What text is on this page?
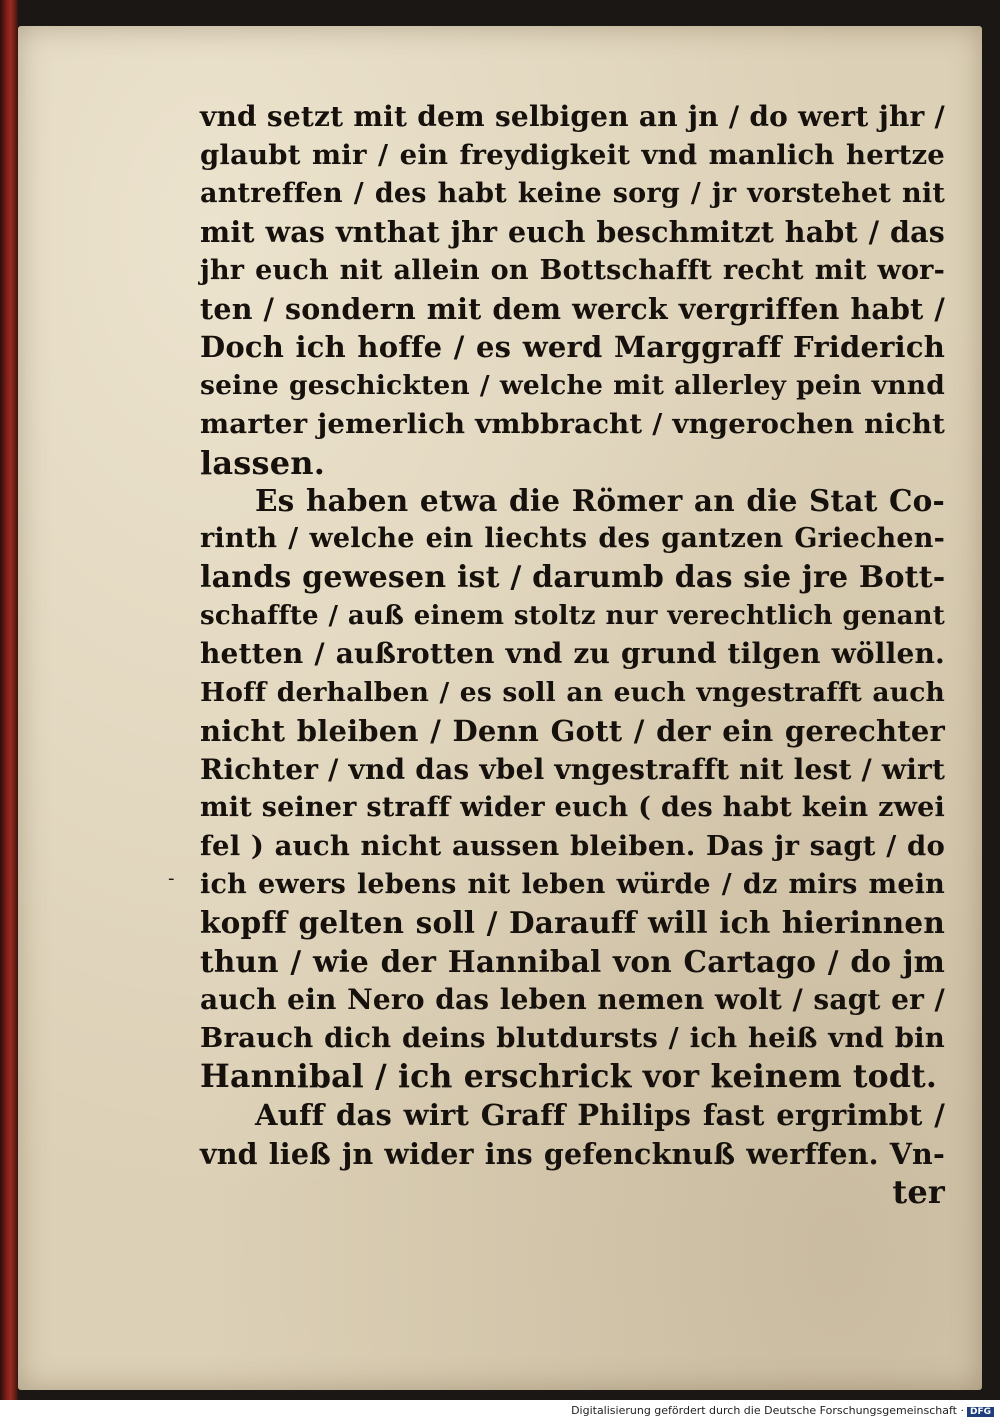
vnd setzt mit dem selbigen an jn / do wert jhr /
glaubt mir / ein freydigkeit vnd manlich hertze
antreffen / des habt keine sorg / jr vorstehet nit
mit was vnthat jhr euch beschmitzt habt / das
jhr euch nit allein on Bottschafft recht mit wor-
ten / sondern mit dem werck vergriffen habt /
Doch ich hoffe / es werd Marggraff Friderich
seine geschickten / welche mit allerley pein vnnd
marter jemerlich vmbbracht / vngerochen nicht
lassen.
Es haben etwa die Römer an die Stat Co-
rinth / welche ein liechts des gantzen Griechen-
lands gewesen ist / darumb das sie jre Bott-
schaffte / auß einem stoltz nur verechtlich genant
hetten / außrotten vnd zu grund tilgen wöllen.
Hoff derhalben / es soll an euch vngestrafft auch
nicht bleiben / Denn Gott / der ein gerechter
Richter / vnd das vbel vngestrafft nit lest / wirt
mit seiner straff wider euch ( des habt kein zwei
fel ) auch nicht aussen bleiben. Das jr sagt / do
ich ewers lebens nit leben würde / dz mirs mein
kopff gelten soll / Darauff will ich hierinnen
thun / wie der Hannibal von Cartago / do jm
auch ein Nero das leben nemen wolt / sagt er /
Brauch dich deins blutdursts / ich heiß vnd bin
Hannibal / ich erschrick vor keinem todt.
Auff das wirt Graff Philips fast ergrimbt /
vnd ließ jn wider ins gefencknuß werffen. Vn-
ter
-
Digitalisierung gefördert durch die Deutsche Forschungsgemeinschaft · DFG
